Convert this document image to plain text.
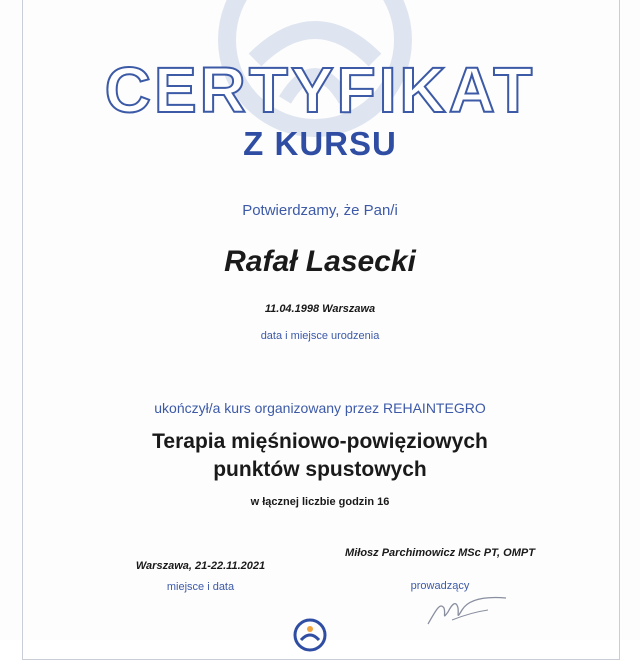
CERTYFIKAT
Z KURSU
Potwierdzamy, że Pan/i
Rafał Lasecki
11.04.1998 Warszawa
data i miejsce urodzenia
ukończył/a kurs organizowany przez REHAINTEGRO
Terapia mięśniowo-powięziowych
punktów spustowych
w łącznej liczbie godzin 16
Warszawa, 21-22.11.2021
miejsce i data
Miłosz Parchimowicz MSc PT, OMPT
prowadzący
